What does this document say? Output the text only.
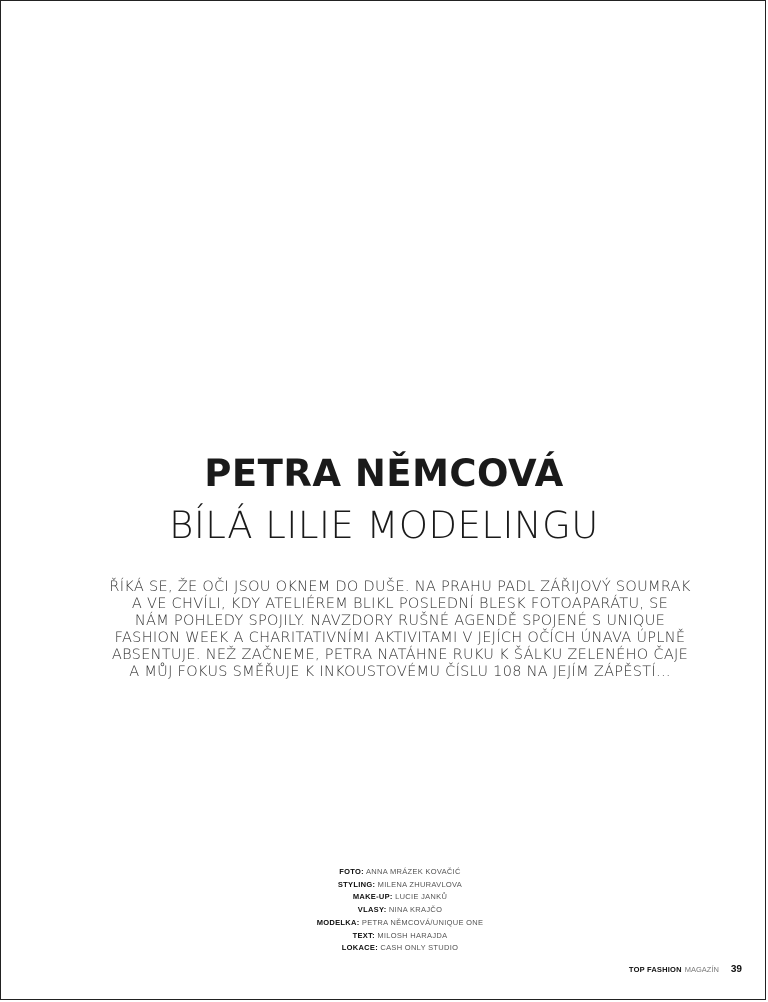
PETRA NĚMCOVÁ
BÍLÁ LILIE MODELINGU
ŘÍKÁ SE, ŽE OČI JSOU OKNEM DO DUŠE. NA PRAHU PADL ZÁŘIJOVÝ SOUMRAK
A VE CHVÍLI, KDY ATELIÉREM BLIKL POSLEDNÍ BLESK FOTOAPARÁTU, SE
NÁM POHLEDY SPOJILY. NAVZDORY RUŠNÉ AGENDĚ SPOJENÉ S UNIQUE
FASHION WEEK A CHARITATIVNÍMI AKTIVITAMI V JEJÍCH OČÍCH ÚNAVA ÚPLNĚ
ABSENTUJE. NEŽ ZAČNEME, PETRA NATÁHNE RUKU K ŠÁLKU ZELENÉHO ČAJE
A MŮJ FOKUS SMĚŘUJE K INKOUSTOVÉMU ČÍSLU 108 NA JEJÍM ZÁPĚSTÍ...
FOTO: ANNA MRÁZEK KOVAČIĆ
STYLING: MILENA ZHURAVLOVA
MAKE-UP: LUCIE JANKŮ
VLASY: NINA KRAJČO
MODELKA: PETRA NĚMCOVÁ/UNIQUE ONE
TEXT: MILOSH HARAJDA
LOKACE: CASH ONLY STUDIO
TOP FASHION MAGAZÍN 39
